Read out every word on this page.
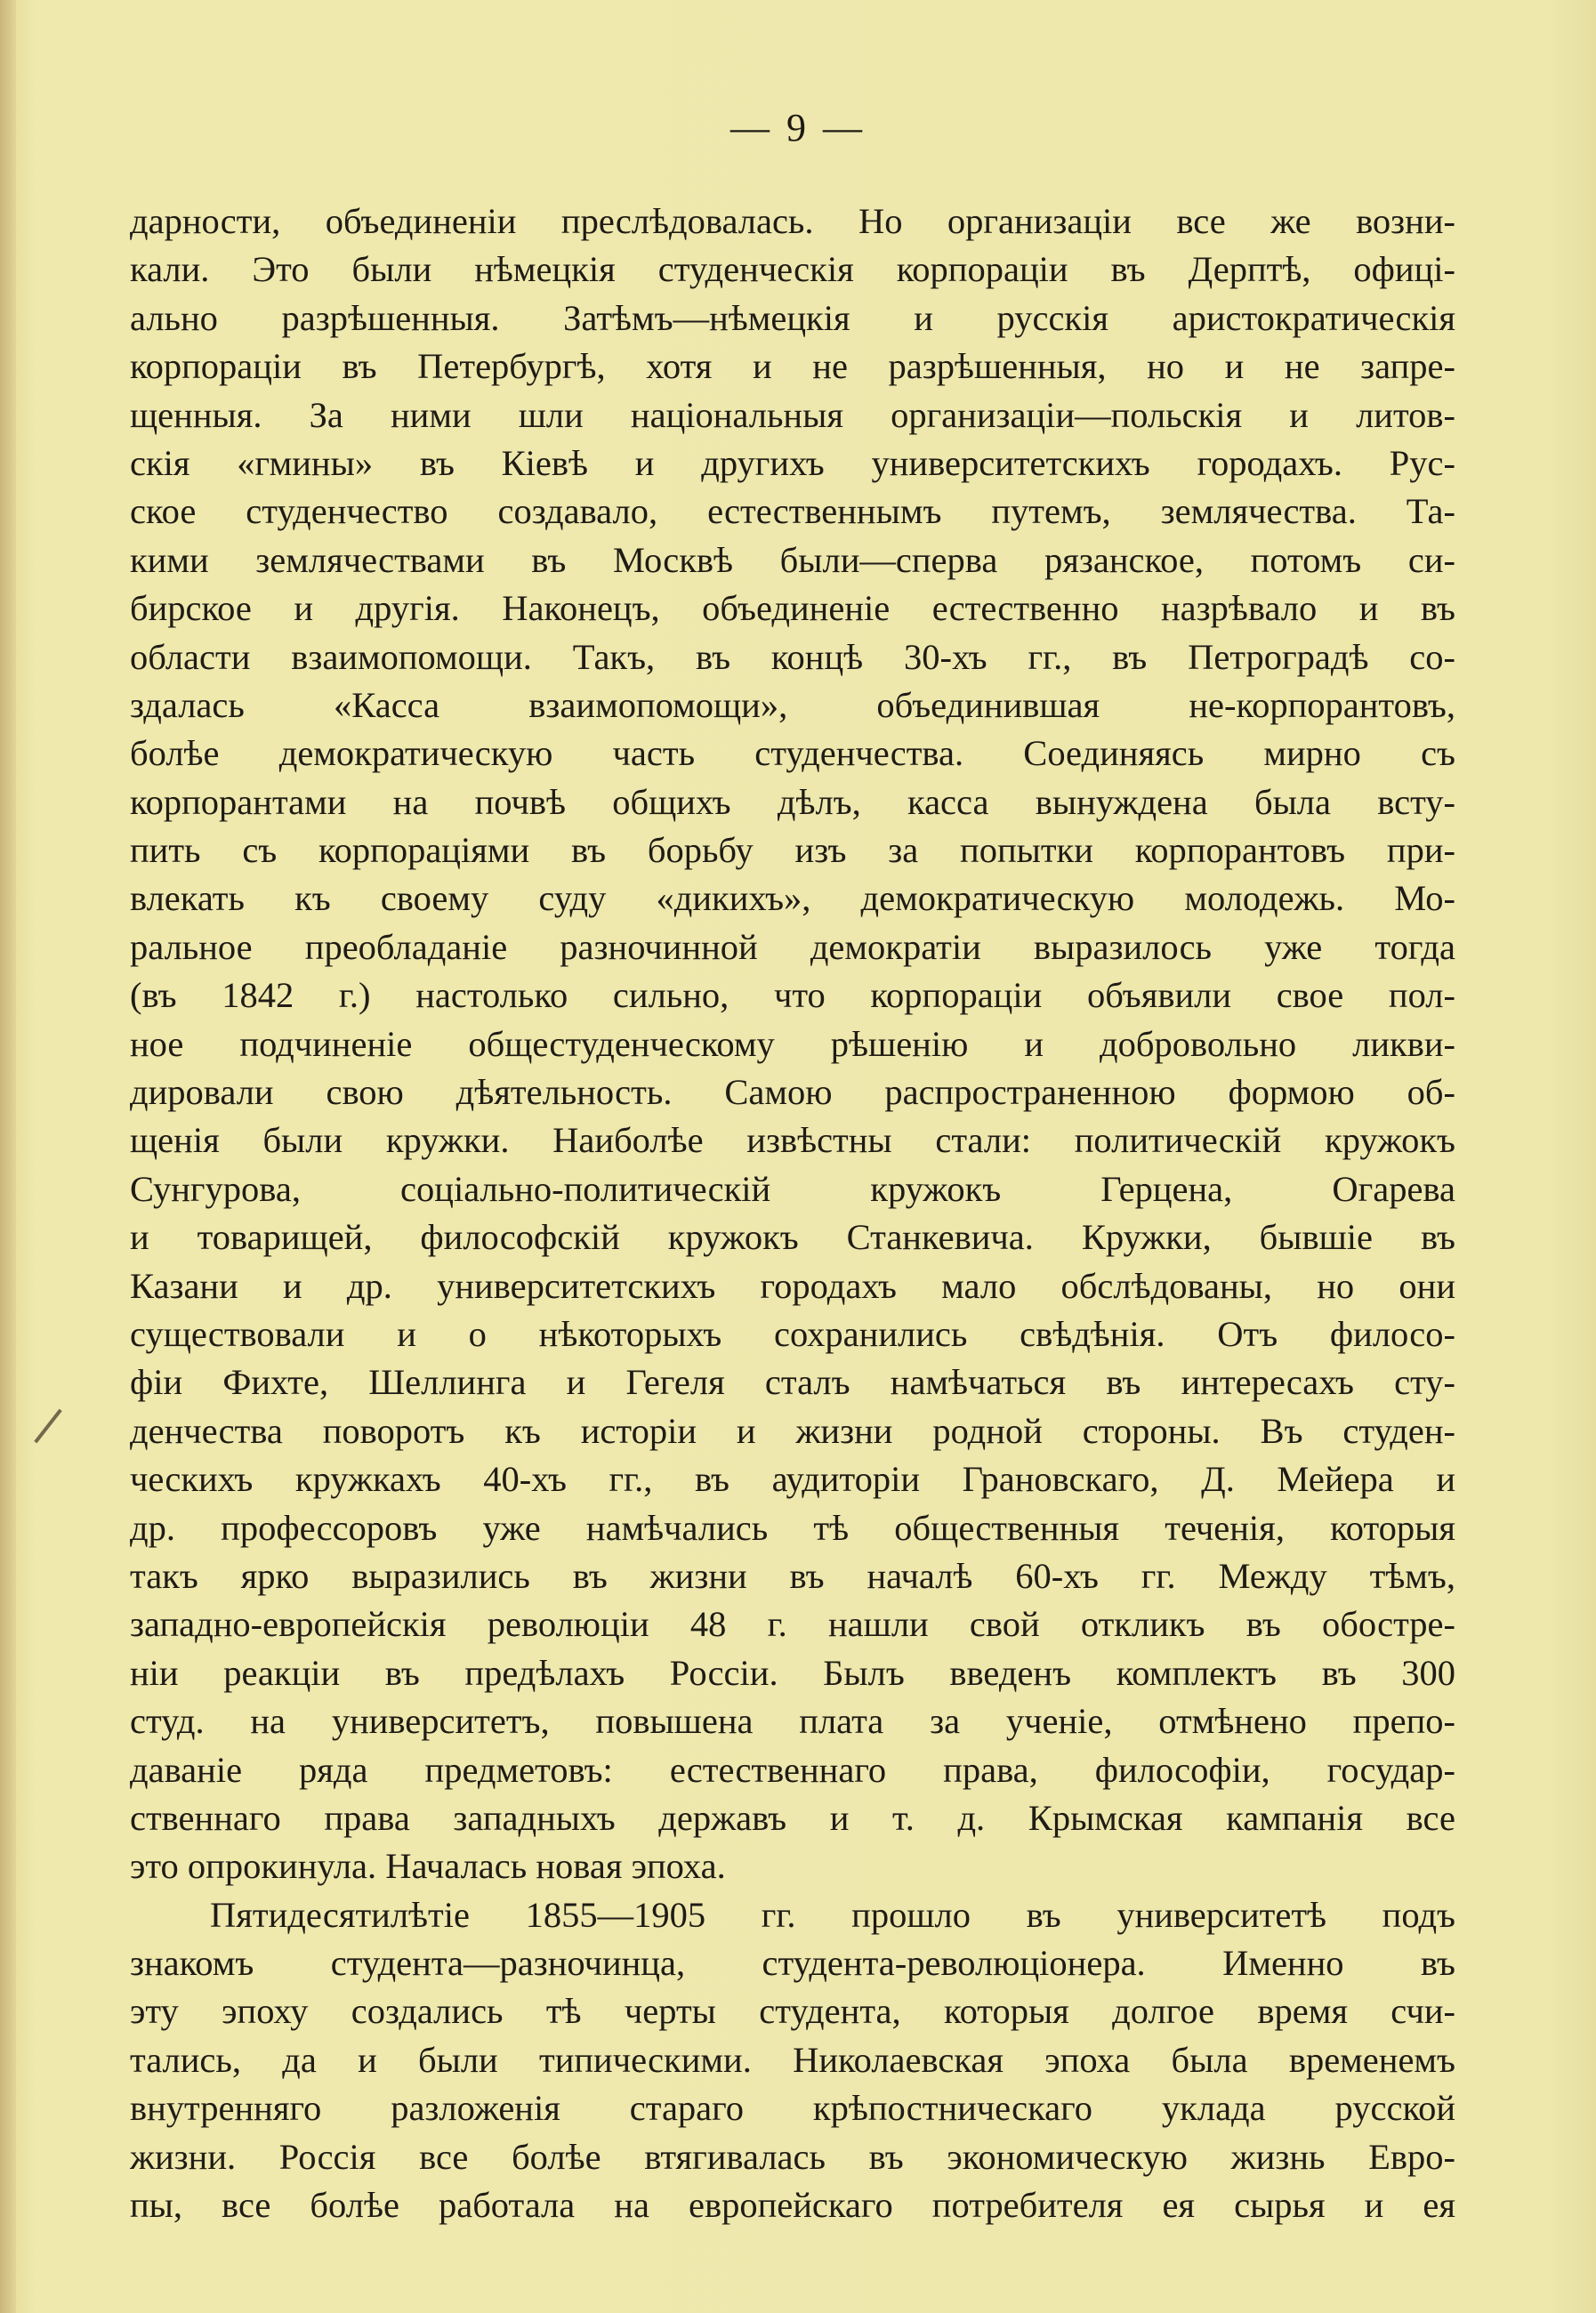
— 9 —
дарности, объединенiи преслѣдовалась. Но организацiи все же возни-
кали. Это были нѣмецкiя студенческiя корпорацiи въ Дерптѣ, офицi-
ально разрѣшенныя. Затѣмъ—нѣмецкiя и русскiя аристократическiя
корпорацiи въ Петербургѣ, хотя и не разрѣшенныя, но и не запре-
щенныя. За ними шли нацiональныя организацiи—польскiя и литов-
скiя «гмины» въ Кiевѣ и другихъ университетскихъ городахъ. Рус-
ское студенчество создавало, естественнымъ путемъ, землячества. Та-
кими землячествами въ Москвѣ были—сперва рязанское, потомъ си-
бирское и другiя. Наконецъ, объединенiе естественно назрѣвало и въ
области взаимопомощи. Такъ, въ концѣ 30-хъ гг., въ Петроградѣ со-
здалась «Касса взаимопомощи», объединившая не-корпорантовъ,
болѣе демократическую часть студенчества. Соединяясь мирно съ
корпорантами на почвѣ общихъ дѣлъ, касса вынуждена была всту-
пить съ корпорацiями въ борьбу изъ за попытки корпорантовъ при-
влекать къ своему суду «дикихъ», демократическую молодежь. Мо-
ральное преобладанiе разночинной демократiи выразилось уже тогда
(въ 1842 г.) настолько сильно, что корпорацiи объявили свое пол-
ное подчиненiе общестуденческому рѣшенiю и добровольно ликви-
дировали свою дѣятельность. Самою распространенною формою об-
щенiя были кружки. Наиболѣе извѣстны стали: политическiй кружокъ
Сунгурова, соцiально-политическiй кружокъ Герцена, Огарева
и товарищей, философскiй кружокъ Станкевича. Кружки, бывшiе въ
Казани и др. университетскихъ городахъ мало обслѣдованы, но они
существовали и о нѣкоторыхъ сохранились свѣдѣнiя. Отъ филосо-
фiи Фихте, Шеллинга и Гегеля сталъ намѣчаться въ интересахъ сту-
денчества поворотъ къ исторiи и жизни родной стороны. Въ студен-
ческихъ кружкахъ 40-хъ гг., въ аудиторiи Грановскаго, Д. Мейера и
др. профессоровъ уже намѣчались тѣ общественныя теченiя, которыя
такъ ярко выразились въ жизни въ началѣ 60-хъ гг. Между тѣмъ,
западно-европейскiя революцiи 48 г. нашли свой откликъ въ обостре-
нiи реакцiи въ предѣлахъ Россiи. Былъ введенъ комплектъ въ 300
студ. на университетъ, повышена плата за ученiе, отмѣнено препо-
даванiе ряда предметовъ: естественнаго права, философiи, государ-
ственнаго права западныхъ державъ и т. д. Крымская кампанiя все
это опрокинула. Началась новая эпоха.
Пятидесятилѣтiе 1855—1905 гг. прошло въ университетѣ подъ
знакомъ студента—разночинца, студента-революцiонера. Именно въ
эту эпоху создались тѣ черты студента, которыя долгое время счи-
тались, да и были типическими. Николаевская эпоха была временемъ
внутренняго разложенiя стараго крѣпостническаго уклада русской
жизни. Россiя все болѣе втягивалась въ экономическую жизнь Евро-
пы, все болѣе работала на европейскаго потребителя ея сырья и ея
